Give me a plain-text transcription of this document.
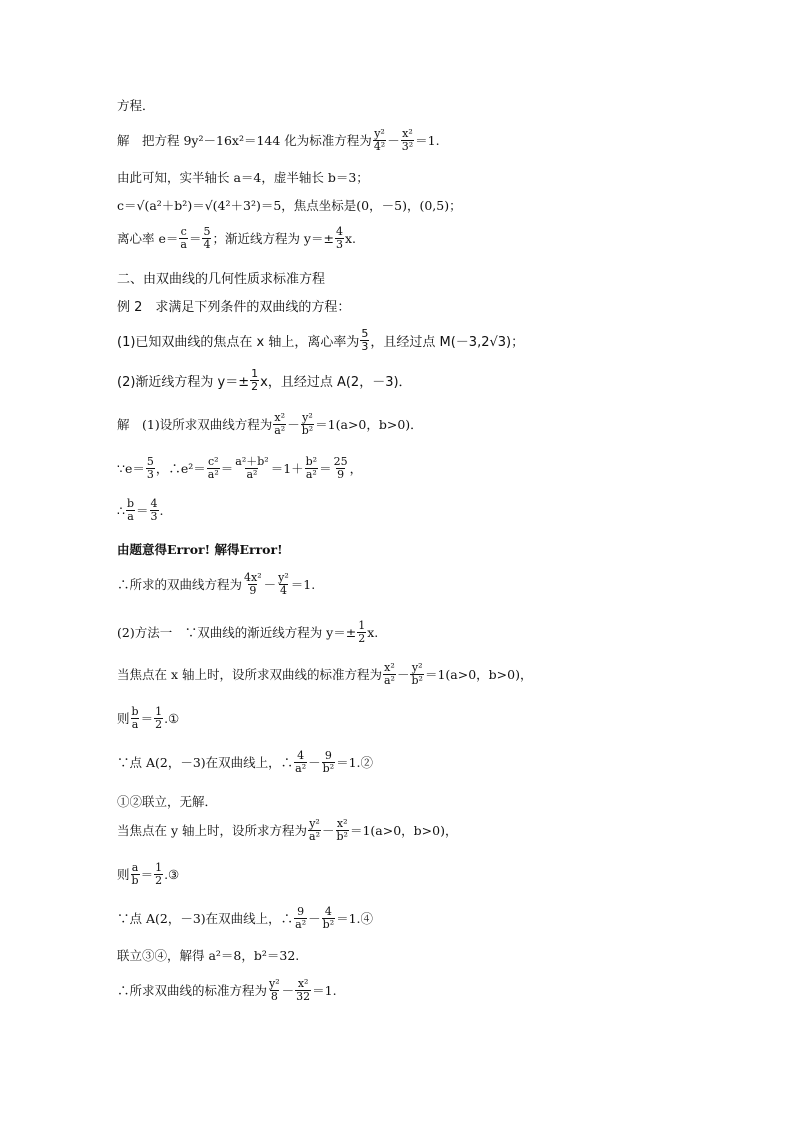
方程．
解　把方程 9y²－16x²＝144 化为标准方程为 $\frac{\text{y²}}{\text{4²}} - \frac{\text{x²}}{\text{3²}} =1$.
由此可知，实半轴长 a＝4，虚半轴长 b＝3；
c＝√(a²＋b²)＝√(4²＋3²)＝5，焦点坐标是(0，－5)，(0,5)；
离心率 $e= \frac{c}{a} = \frac{5}{4}$ ；渐近线方程为 $y=\pm \frac{4}{3} x$.
二、由双曲线的几何性质求标准方程
例 2　求满足下列条件的双曲线的方程：
(1)已知双曲线的焦点在 x 轴上，离心率为 $\frac{5}{3}$ ，且经过点 M(－3,2√3)；
(2)渐近线方程为 $y=\pm \frac{1}{2}$ x，且经过点 A(2，－3)．
解　(1)设所求双曲线方程为 $\frac{\text{x²}}{\text{a²}} - \frac{\text{y²}}{\text{b²}} =1(a>0$，b>0)．
∵e＝ $\frac{5}{3}$ ，∴e²＝ $\frac{\text{c²}}{\text{a²}} = \frac{\text{a²＋b²}}{\text{a²}} =1+ \frac{\text{b²}}{\text{a²}} = \frac{25}{9}$ ，
∴ $\frac{b}{a} = \frac{4}{3}$ .
由题意得Error! 解得Error!
∴所求的双曲线方程为 $\frac{\text{4x²}}{9} - \frac{\text{y²}}{4} =1$.
(2)方法一　∵双曲线的渐近线方程为 $y=\pm \frac{1}{2} x$.
当焦点在 x 轴上时，设所求双曲线的标准方程为 $\frac{\text{x²}}{\text{a²}} - \frac{\text{y²}}{\text{b²}} =1(a>0$，b>0)，
则 $\frac{b}{a} = \frac{1}{2}$ .①
∵点 A(2，－3)在双曲线上，∴ $\frac{4}{\text{a²}} - \frac{9}{\text{b²}}$ ＝1.②
①②联立，无解．
当焦点在 y 轴上时，设所求方程为 $\frac{\text{y²}}{\text{a²}} - \frac{\text{x²}}{\text{b²}} =1(a>0$，b>0)，
则 $\frac{a}{b} = \frac{1}{2}$ .③
∵点 A(2，－3)在双曲线上，∴ $\frac{9}{\text{a²}} - \frac{4}{\text{b²}}$ ＝1.④
联立③④，解得 a²＝8，b²＝32.
∴所求双曲线的标准方程为 $\frac{\text{y²}}{8} - \frac{\text{x²}}{32} =1$.
